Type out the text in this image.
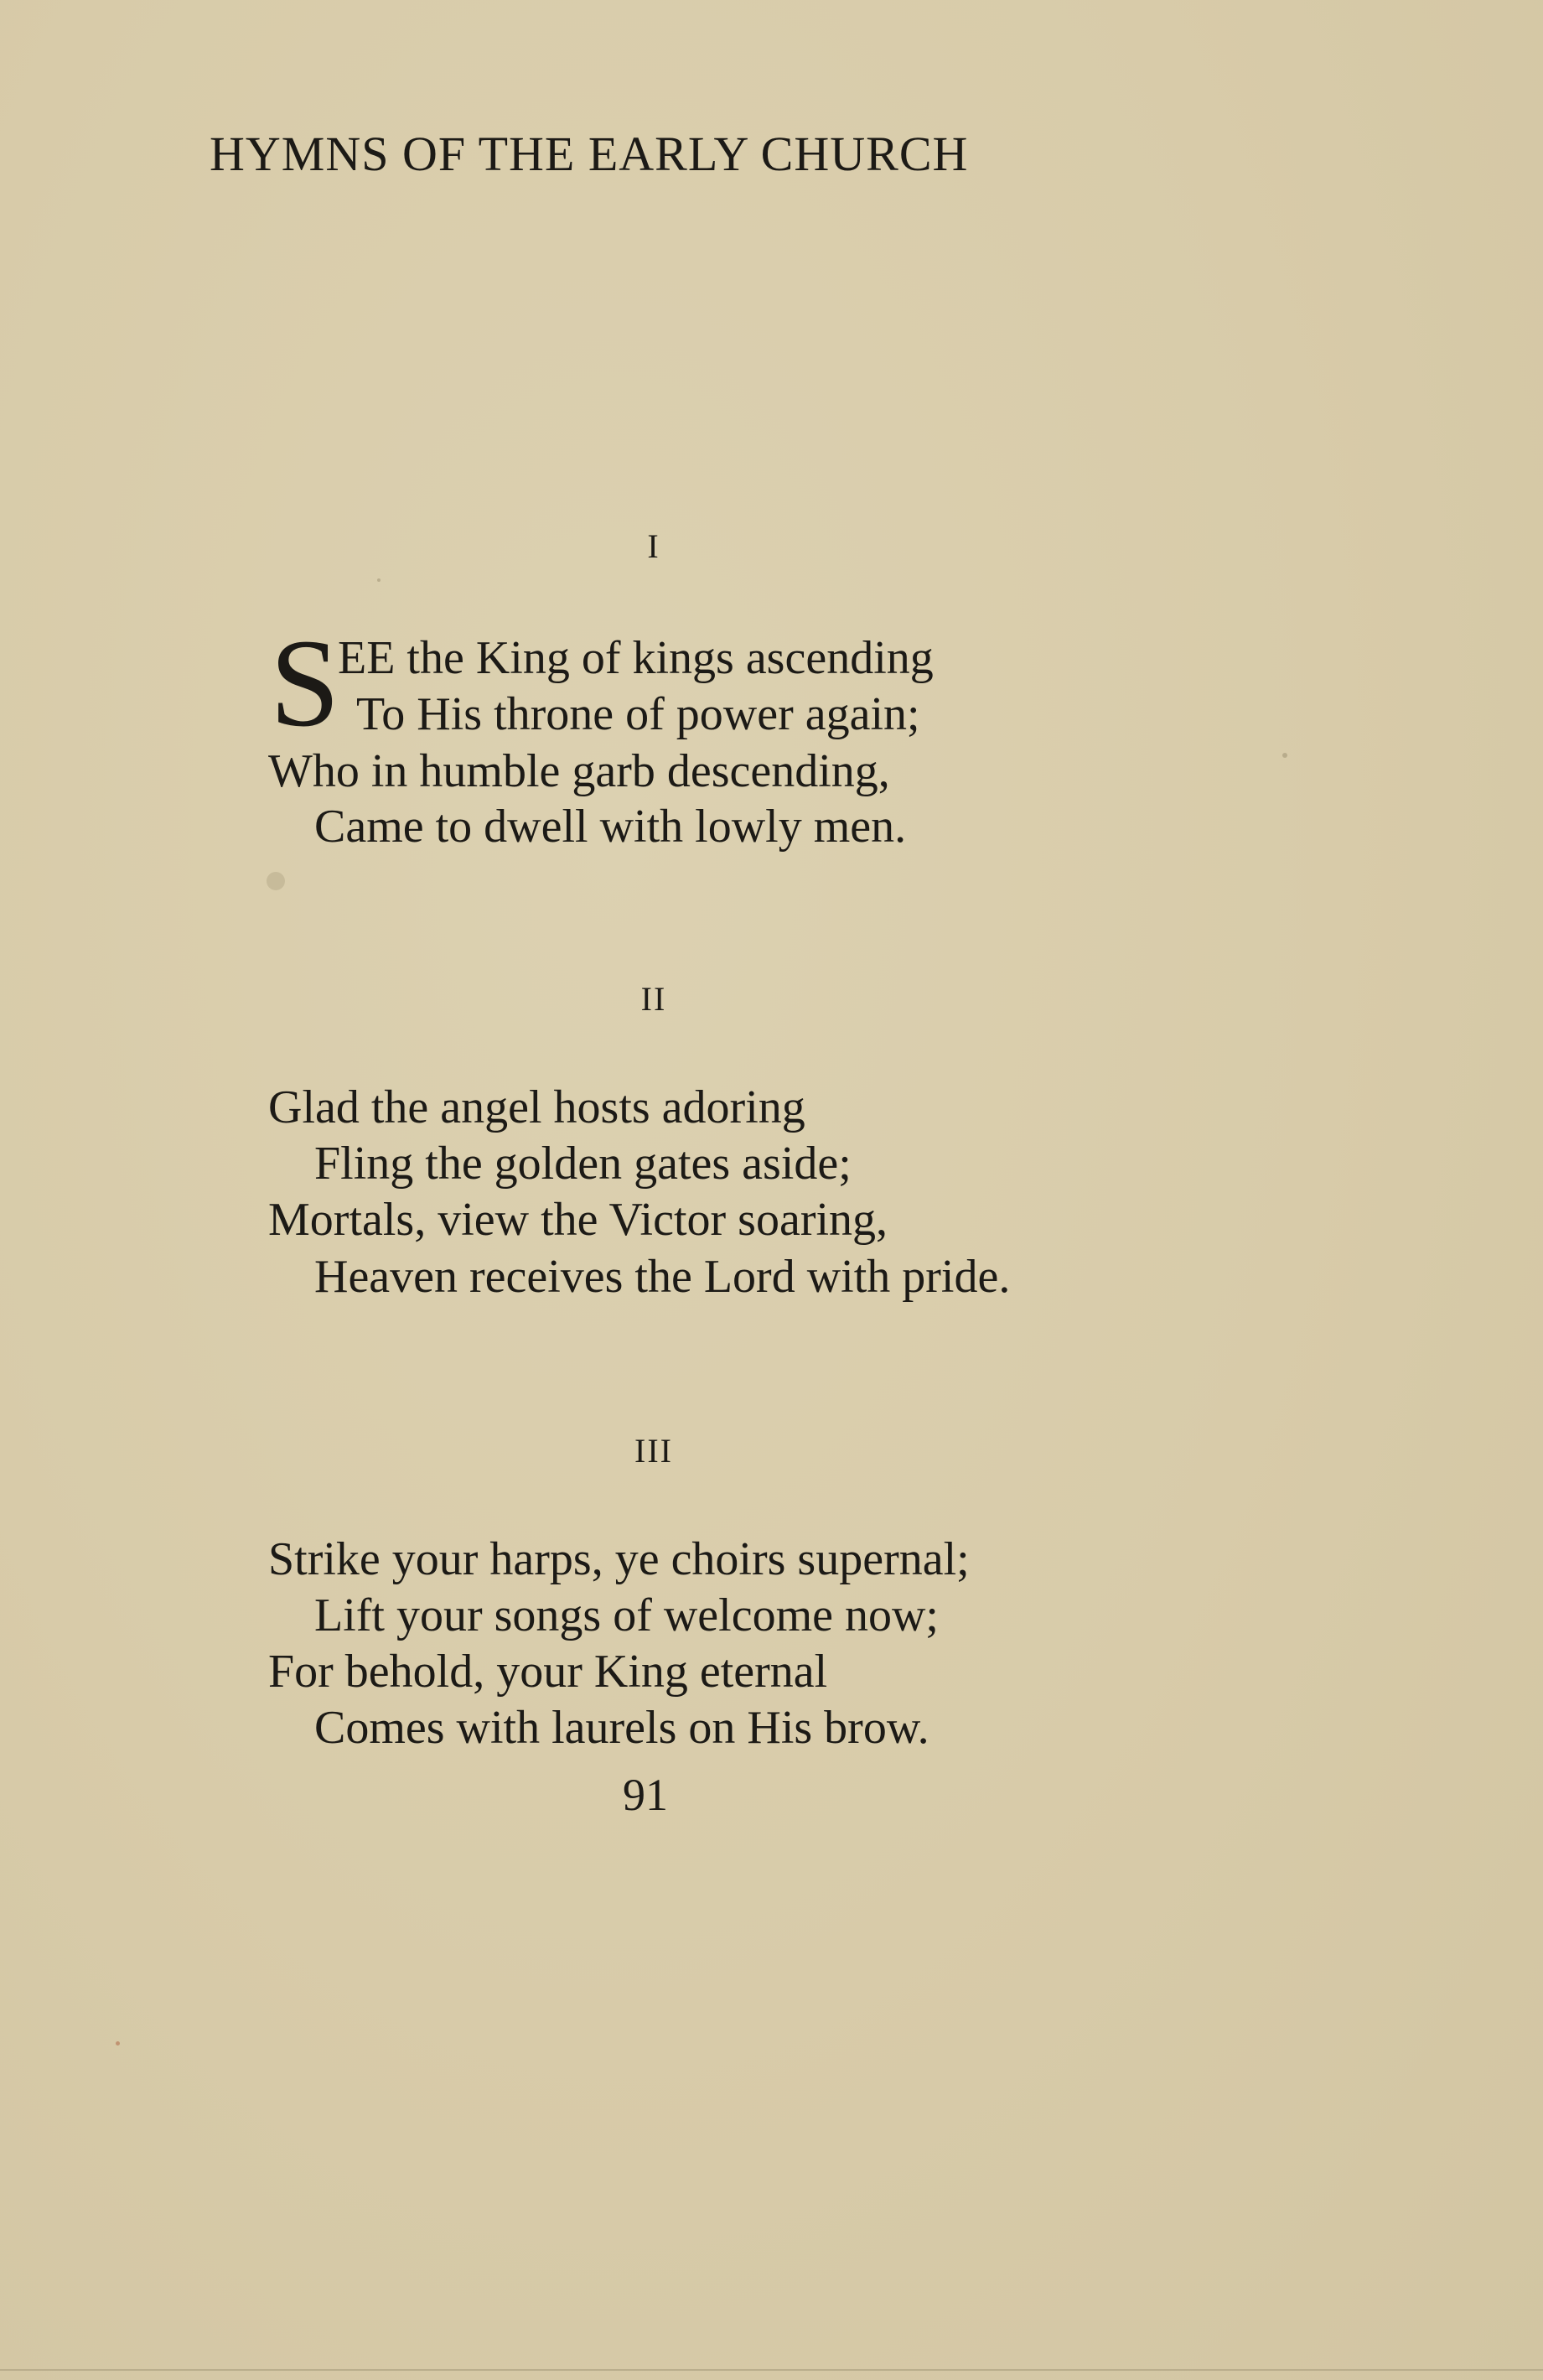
HYMNS OF THE EARLY CHURCH
I
S
EE the King of kings ascending
To His throne of power again;
Who in humble garb descending,
Came to dwell with lowly men.
II
Glad the angel hosts adoring
Fling the golden gates aside;
Mortals, view the Victor soaring,
Heaven receives the Lord with pride.
III
Strike your harps, ye choirs supernal;
Lift your songs of welcome now;
For behold, your King eternal
Comes with laurels on His brow.
91
